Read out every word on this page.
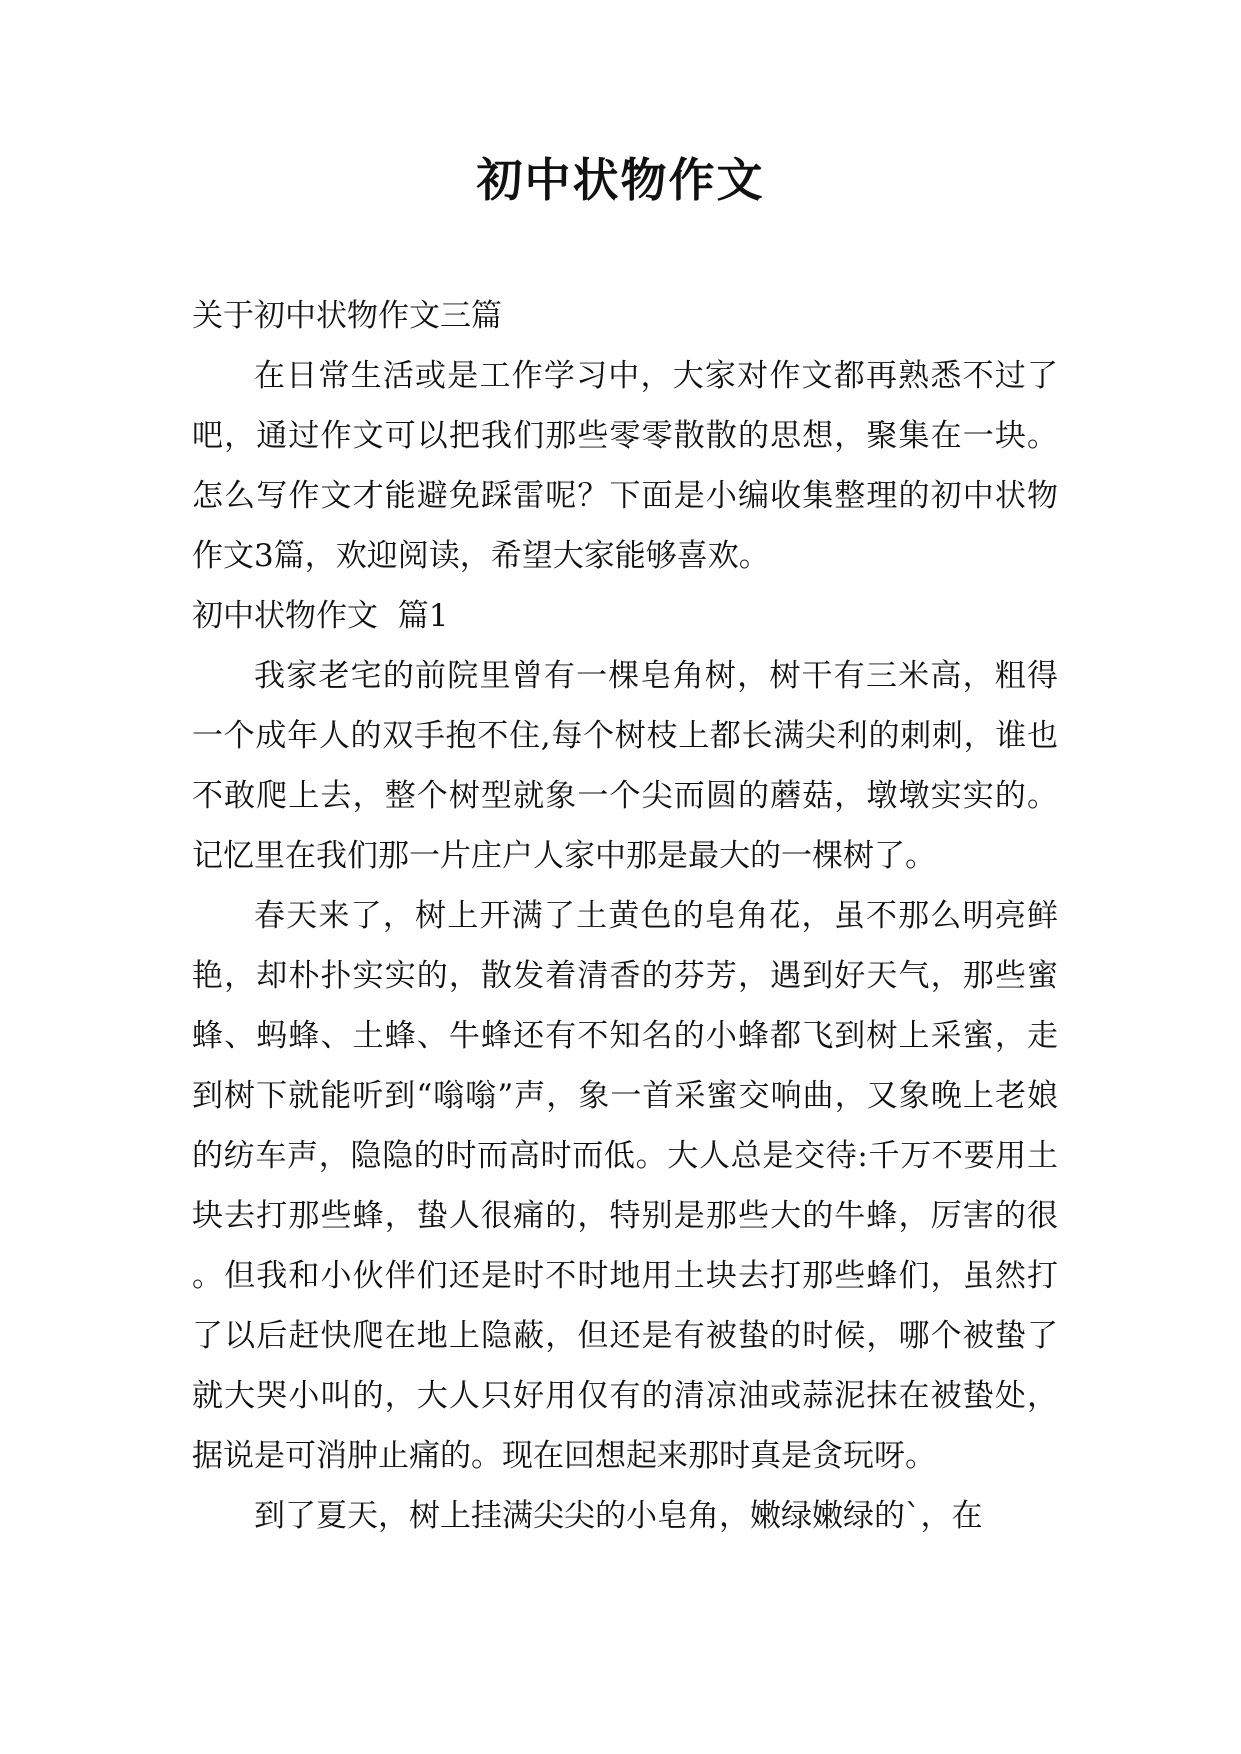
初中状物作文

关于初中状物作文三篇

在日常生活或是工作学习中，大家对作文都再熟悉不过了吧，通过作文可以把我们那些零零散散的思想，聚集在一块。怎么写作文才能避免踩雷呢？下面是小编收集整理的初中状物作文3篇，欢迎阅读，希望大家能够喜欢。

初中状物作文  篇1

我家老宅的前院里曾有一棵皂角树，树干有三米高，粗得一个成年人的双手抱不住,每个树枝上都长满尖利的刺刺，谁也不敢爬上去，整个树型就象一个尖而圆的蘑菇，墩墩实实的。记忆里在我们那一片庄户人家中那是最大的一棵树了。

春天来了，树上开满了土黄色的皂角花，虽不那么明亮鲜艳，却朴扑实实的，散发着清香的芬芳，遇到好天气，那些蜜蜂、蚂蜂、土蜂、牛蜂还有不知名的小蜂都飞到树上采蜜，走到树下就能听到“嗡嗡”声，象一首采蜜交响曲，又象晚上老娘的纺车声，隐隐的时而高时而低。大人总是交待:千万不要用土块去打那些蜂，蛰人很痛的，特别是那些大的牛蜂，厉害的很。但我和小伙伴们还是时不时地用土块去打那些蜂们，虽然打了以后赶快爬在地上隐蔽，但还是有被蛰的时候，哪个被蛰了就大哭小叫的，大人只好用仅有的清凉油或蒜泥抹在被蛰处，据说是可消肿止痛的。现在回想起来那时真是贪玩呀。

到了夏天，树上挂满尖尖的小皂角，嫩绿嫩绿的`，在
